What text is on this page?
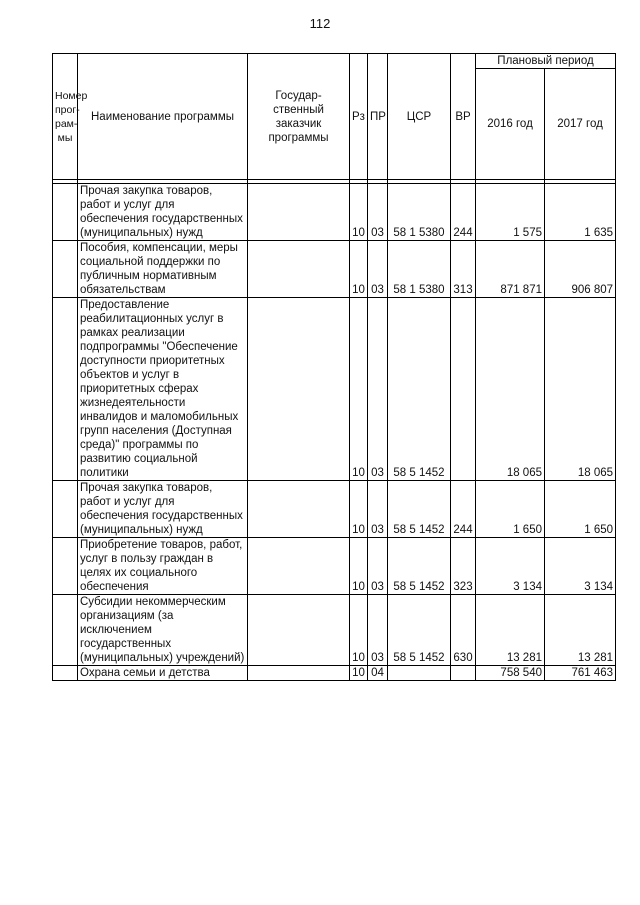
112
Номер прог- рам- мы	Наименование программы	Государ- ственный заказчик программы	Рз	ПР	ЦСР	ВР	Плановый период	
							2016 год	2017 год

	Прочая закупка товаров, работ и услуг для обеспечения государственных (муниципальных) нужд		10	03	58 1 5380	244	1 575	1 635
	Пособия, компенсации, меры социальной поддержки по публичным нормативным обязательствам		10	03	58 1 5380	313	871 871	906 807
	Предоставление реабилитационных услуг в рамках реализации подпрограммы "Обеспечение доступности приоритетных объектов и услуг в приоритетных сферах жизнедеятельности инвалидов и маломобильных групп населения (Доступная среда)" программы по развитию социальной политики		10	03	58 5 1452		18 065	18 065
	Прочая закупка товаров, работ и услуг для обеспечения государственных (муниципальных) нужд		10	03	58 5 1452	244	1 650	1 650
	Приобретение товаров, работ, услуг в пользу граждан в целях их социального обеспечения		10	03	58 5 1452	323	3 134	3 134
	Субсидии некоммерческим организациям (за исключением государственных (муниципальных) учреждений)		10	03	58 5 1452	630	13 281	13 281
	Охрана семьи и детства		10	04			758 540	761 463
